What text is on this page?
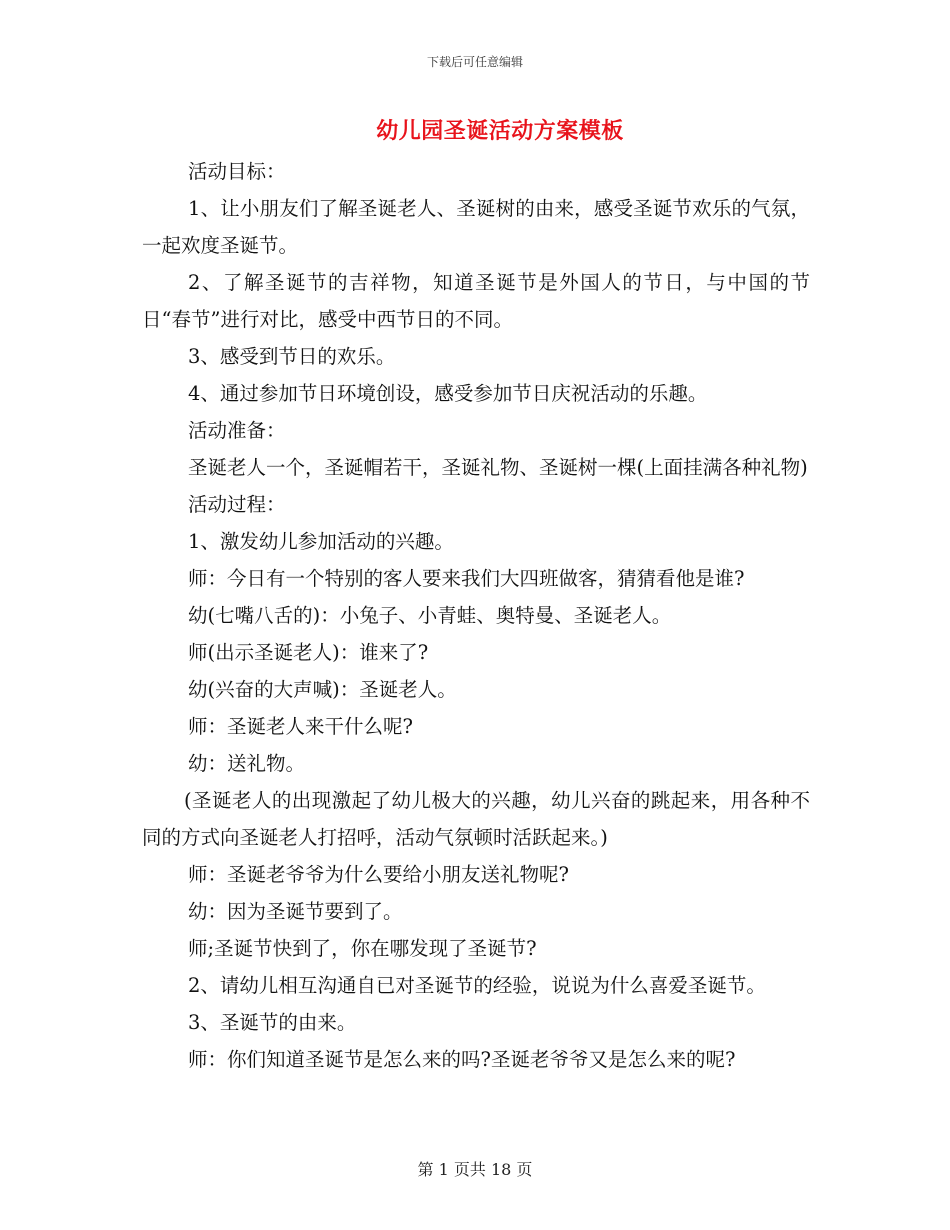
下载后可任意编辑
幼儿园圣诞活动方案模板

活动目标：

1、让小朋友们了解圣诞老人、圣诞树的由来，感受圣诞节欢乐的气氛，一起欢度圣诞节。

2、了解圣诞节的吉祥物，知道圣诞节是外国人的节日，与中国的节日“春节”进行对比，感受中西节日的不同。

3、感受到节日的欢乐。

4、通过参加节日环境创设，感受参加节日庆祝活动的乐趣。

活动准备：

圣诞老人一个，圣诞帽若干，圣诞礼物、圣诞树一棵(上面挂满各种礼物)

活动过程：

1、激发幼儿参加活动的兴趣。

师：今日有一个特别的客人要来我们大四班做客，猜猜看他是谁?

幼(七嘴八舌的)：小兔子、小青蛙、奥特曼、圣诞老人。

师(出示圣诞老人)：谁来了?

幼(兴奋的大声喊)：圣诞老人。

师：圣诞老人来干什么呢?

幼：送礼物。

(圣诞老人的出现激起了幼儿极大的兴趣，幼儿兴奋的跳起来，用各种不同的方式向圣诞老人打招呼，活动气氛顿时活跃起来。)

师：圣诞老爷爷为什么要给小朋友送礼物呢?

幼：因为圣诞节要到了。

师;圣诞节快到了，你在哪发现了圣诞节?

2、请幼儿相互沟通自已对圣诞节的经验，说说为什么喜爱圣诞节。

3、圣诞节的由来。

师：你们知道圣诞节是怎么来的吗?圣诞老爷爷又是怎么来的呢?

第 1 页共 18 页
